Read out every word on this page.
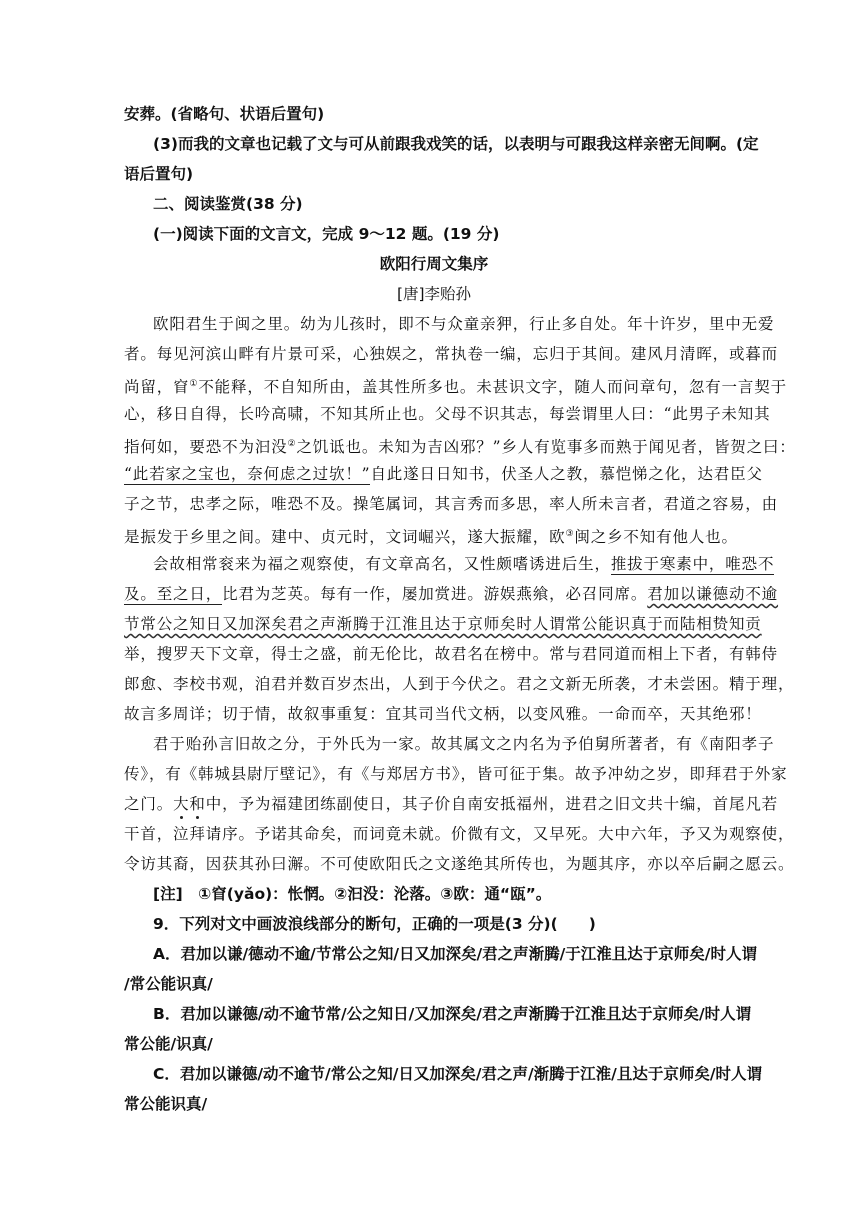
安葬。(省略句、状语后置句)

(3)而我的文章也记载了文与可从前跟我戏笑的话，以表明与可跟我这样亲密无间啊。(定

语后置句)

二、阅读鉴赏(38 分)

(一)阅读下面的文言文，完成 9～12 题。(19 分)

欧阳行周文集序

[唐]李贻孙

欧阳君生于闽之里。幼为儿孩时，即不与众童亲狎，行止多自处。年十许岁，里中无爱

者。每见河滨山畔有片景可采，心独娱之，常执卷一编，忘归于其间。建风月清晖，或暮而

尚留，窅①不能释，不自知所由，盖其性所多也。未甚识文字，随人而问章句，忽有一言契于

心，移日自得，长吟高啸，不知其所止也。父母不识其志，每尝谓里人曰：“此男子未知其

指何如，要恐不为汩没②之饥诋也。未知为吉凶邪？”乡人有览事多而熟于闻见者，皆贺之曰：

“此若家之宝也，奈何虑之过欤！”自此遂日日知书，伏圣人之教，慕恺悌之化，达君臣父

子之节，忠孝之际，唯恐不及。操笔属词，其言秀而多思，率人所未言者，君道之容易，由

是振发于乡里之间。建中、贞元时，文词崛兴，遂大振耀，欧③闽之乡不知有他人也。

会故相常衮来为福之观察使，有文章高名，又性颇嗜诱进后生，推拔于寒素中，唯恐不

及。至之日，比君为芝英。每有一作，屡加赏进。游娱燕飨，必召同席。君加以谦德动不逾

节常公之知日又加深矣君之声渐腾于江淮且达于京师矣时人谓常公能识真于而陆相贽知贡

举，搜罗天下文章，得士之盛，前无伦比，故君名在榜中。常与君同道而相上下者，有韩侍

郎愈、李校书观，洎君并数百岁杰出，人到于今伏之。君之文新无所袭，才未尝困。精于理，

故言多周详；切于情，故叙事重复：宜其司当代文柄，以变风雅。一命而卒，天其绝邪！

君于贻孙言旧故之分，于外氏为一家。故其属文之内名为予伯舅所著者，有《南阳孝子

传》，有《韩城县尉厅壁记》，有《与郑居方书》，皆可征于集。故予冲幼之岁，即拜君于外家

之门。大和中，予为福建团练副使日，其子价自南安抵福州，进君之旧文共十编，首尾凡若

干首，泣拜请序。予诺其命矣，而词竟未就。价微有文，又早死。大中六年，予又为观察使，

令访其裔，因获其孙曰澥。不可使欧阳氏之文遂绝其所传也，为题其序，亦以卒后嗣之愿云。

[注]　①窅(yǎo)：怅惘。②汩没：沦落。③欧：通“瓯”。

9．下列对文中画波浪线部分的断句，正确的一项是(3 分)(　　)

A．君加以谦/德动不逾/节常公之知/日又加深矣/君之声渐腾/于江淮且达于京师矣/时人谓

/常公能识真/

B．君加以谦德/动不逾节常/公之知日/又加深矣/君之声渐腾于江淮且达于京师矣/时人谓

常公能/识真/

C．君加以谦德/动不逾节/常公之知/日又加深矣/君之声/渐腾于江淮/且达于京师矣/时人谓

常公能识真/
